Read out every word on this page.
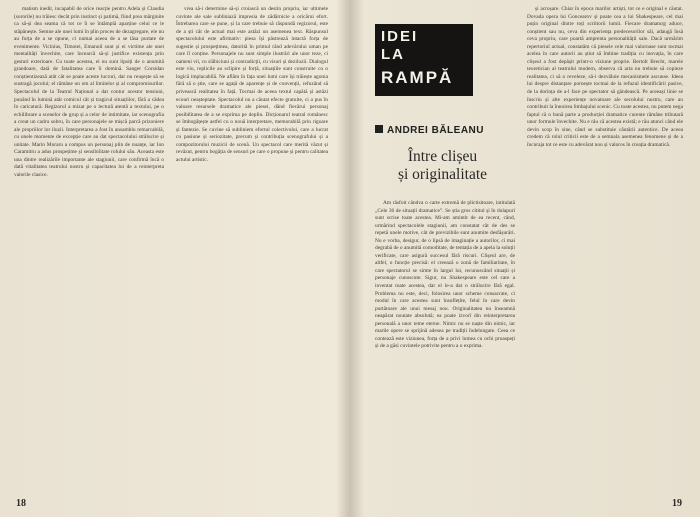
matism inedit, incapabil de orice reacție pentru Adela și Claudia (surorile) nu trăiesc decât prin instinct și patimă, fiind prea mărginite ca să-și dea seama că tot ce îi se întâmplă aparține celui ce le stăpânește. Semne ale unei lumi în plin proces de dezagregare, ele nu au forța de a se opune, ci numai aceea de a se lăsa purtate de evenimente. Vicinius, Timotei, Emanoil sunt și ei victime ale unei mentalități învechite, care încearcă să-și justifice existența prin gesturi exterioare. Cu toate acestea, ei nu sunt lipsiți de o anumită grandoare, dată de fatalitatea care îi domină. Sanger Corsidan conștientizează atât cât se poate aceste lucruri, dar nu reușește să se sustragă jocului; el rămâne un om al limitelor și al compromisurilor. Spectacolul de la Teatrul Național a dat contur acestor tensiuni, punând în lumină atât comicul cât și tragicul situațiilor, fără a cădea în caricatură. Regizorul a mizat pe o lectură atentă a textului, pe o echilibrare a scenelor de grup și a celor de intimitate, iar scenografia a creat un cadru sobru, în care personajele se mișcă parcă prizoniere ale propriilor lor iluzii. Interpretarea a fost în ansamblu remarcabilă, cu unele momente de excepție care au dat spectacolului strălucire și unitate. Marin Moraru a compus un personaj plin de nuanțe, iar Ion Caramitru a adus prospețime și sensibilitate rolului său. Aceasta este una dintre realizările importante ale stagiunii, care confirmă încă o dată vitalitatea teatrului nostru și capacitatea lui de a reinterpreta valorile clasice.

vrea să-i determine să-și croiască un destin propriu, iar ultimele cuvinte ale sale subliniază impresia de zădărnicie a oricărui efort. Întrebarea care se pune, și la care trebuie să răspundă regizorul, este de a ști cât de actual mai este astăzi un asemenea text. Răspunsul spectacolului este afirmativ: piesa își păstrează intactă forța de sugestie și prospețimea, datorită în primul rând adevărului uman pe care îl conține. Personajele nu sunt simple ilustrări ale unor teze, ci oameni vii, cu slăbiciuni și contradicții, cu visuri și deziluzii. Dialogul este viu, replicile au sclipire și forță, situațiile sunt construite cu o logică implacabilă. Ne aflăm în fața unei lumi care își trăiește agonia fără să o știe, care se agață de aparențe și de convenții, refuzând să privească realitatea în față. Tocmai de aceea textul capătă și astăzi ecouri neașteptate. Spectacolul nu a căutat efecte gratuite, ci a pus în valoare resursele dramatice ale piesei, dând fiecărui personaj posibilitatea de a se exprima pe deplin. Dicționarul teatral românesc se îmbogățește astfel cu o nouă interpretare, memorabilă prin rigoare și fantezie. Se cuvine să subliniem efortul colectivului, care a lucrat cu pasiune și seriozitate, precum și contribuția scenografului și a compozitorului muzicii de scenă. Un spectacol care merită văzut și revăzut, pentru bogăția de sensuri pe care o propune și pentru calitatea actului artistic.

18
IDEI
LA
RAMPĂ
ANDREI BĂLEANU
Între clișeu
și originalitate

Am răsfoit cândva o carte extremă de plictisitoare, intitulată „Cele 36 de situații dramatice”. Se știa gros cititul și în dulapuri sunt scrise toate acestea. Mi-am amintit de ea recent, când, urmărind spectacolele stagiunii, am constatat cât de des se repetă unele motive, cât de previzibile sunt anumite desfășurări. Nu e vorba, desigur, de o lipsă de imaginație a autorilor, ci mai degrabă de o anumită comoditate, de tentația de a apela la soluții verificate, care asigură succesul fără riscuri. Clișeul are, de altfel, o funcție precisă: el creează o zonă de familiaritate, în care spectatorul se simte în largul lui, recunoscând situații și personaje cunoscute. Sigur, nu Shakespeare este cel care a inventat toate acestea, dar el le-a dat o strălucire fără egal. Problema nu este, deci, folosirea unor scheme consacrate, ci modul în care acestea sunt însuflețite, felul în care devin purtătoare ale unui mesaj nou. Originalitatea nu înseamnă neapărat noutate absolută; ea poate izvorî din reinterpretarea personală a unor teme eterne. Nimic nu se naște din nimic, iar marile opere se sprijină adesea pe tradiții îndelungate. Ceea ce contează este viziunea, forța de a privi lumea cu ochi proaspeți și de a găsi cuvintele potrivite pentru a o exprima.

și acroșare. Chiar în epoca marilor artiști, tot ce e original e căutat. Dovada opera lui Goncearov și poate cea a lui Shakespeare, cel mai puțin original dintre toți scriitorii lumii. Fiecare dramaturg aduce, conștient sau nu, ceva din experiența predecesorilor săi, adaugă însă ceva propriu, care poartă amprenta personalității sale. Dacă urmărim repertoriul actual, constatăm că piesele cele mai valoroase sunt tocmai acelea în care autorii au știut să îmbine tradiția cu inovația, în care clișeul a fost depășit printr-o viziune proprie. Bertolt Brecht, marele teoretician al teatrului modern, observa că arta nu trebuie să copieze realitatea, ci să o reveleze, să-i dezvăluie mecanismele ascunse. Ideea lui despre distanțare pornește tocmai de la refuzul identificării pasive, de la dorința de a-l face pe spectator să gândească. Pe aceeași linie se înscriu și alte experiențe novatoare ale secolului nostru, care au contribuit la înnoirea limbajului scenic. Cu toate acestea, nu putem nega faptul că o bună parte a producției dramatice curente rămâne tributară unor formule învechite. Nu e rău că acestea există; e rău atunci când ele devin scop în sine, când se substituie căutării autentice. De aceea credem că rolul criticii este de a semnala asemenea fenomene și de a încuraja tot ce este cu adevărat nou și valoros în creația dramatică.

19
